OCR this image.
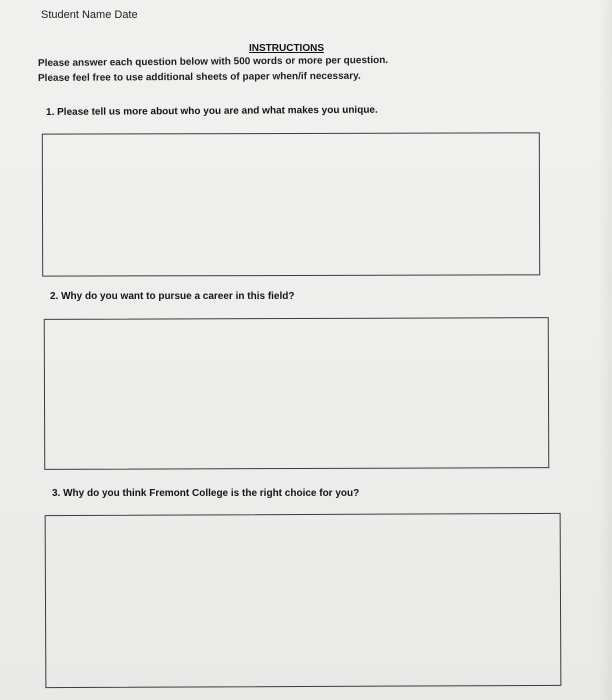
Student Name Date
INSTRUCTIONS
Please answer each question below with 500 words or more per question.
Please feel free to use additional sheets of paper when/if necessary.
1. Please tell us more about who you are and what makes you unique.
2. Why do you want to pursue a career in this field?
3. Why do you think Fremont College is the right choice for you?
